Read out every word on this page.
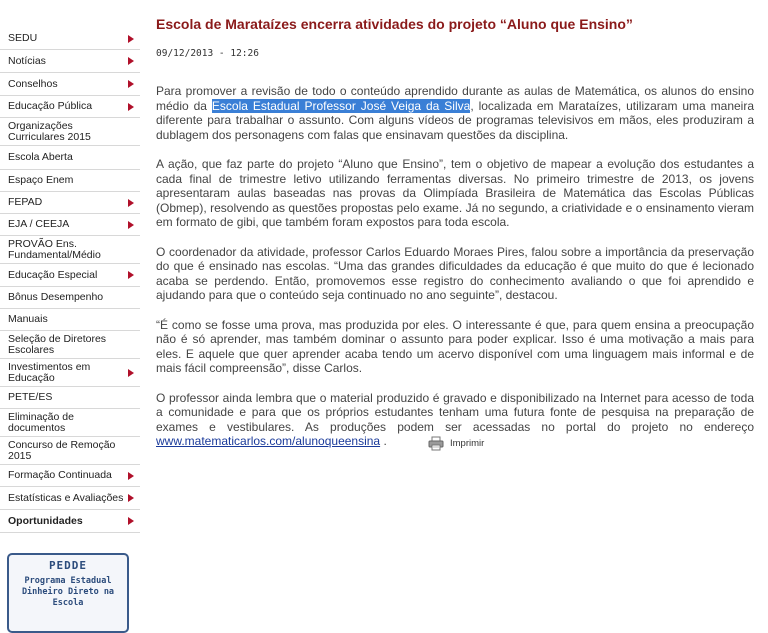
SEDU
Notícias
Conselhos
Educação Pública
Organizações Curriculares 2015
Escola Aberta
Espaço Enem
FEPAD
EJA / CEEJA
PROVÃO Ens. Fundamental/Médio
Educação Especial
Bônus Desempenho
Manuais
Seleção de Diretores Escolares
Investimentos em Educação
PETE/ES
Eliminação de documentos
Concurso de Remoção 2015
Formação Continuada
Estatísticas e Avaliações
Oportunidades
PEDDE
Programa Estadual Dinheiro Direto na Escola
Escola de Marataízes encerra atividades do projeto “Aluno que Ensino”
09/12/2013 - 12:26

Para promover a revisão de todo o conteúdo aprendido durante as aulas de Matemática, os alunos do ensino médio da Escola Estadual Professor José Veiga da Silva, localizada em Marataízes, utilizaram uma maneira diferente para trabalhar o assunto. Com alguns vídeos de programas televisivos em mãos, eles produziram a dublagem dos personagens com falas que ensinavam questões da disciplina.

A ação, que faz parte do projeto “Aluno que Ensino”, tem o objetivo de mapear a evolução dos estudantes a cada final de trimestre letivo utilizando ferramentas diversas. No primeiro trimestre de 2013, os jovens apresentaram aulas baseadas nas provas da Olimpíada Brasileira de Matemática das Escolas Públicas (Obmep), resolvendo as questões propostas pelo exame. Já no segundo, a criatividade e o ensinamento vieram em formato de gibi, que também foram expostos para toda escola.

O coordenador da atividade, professor Carlos Eduardo Moraes Pires, falou sobre a importância da preservação do que é ensinado nas escolas. “Uma das grandes dificuldades da educação é que muito do que é lecionado acaba se perdendo. Então, promovemos esse registro do conhecimento avaliando o que foi aprendido e ajudando para que o conteúdo seja continuado no ano seguinte”, destacou.

“É como se fosse uma prova, mas produzida por eles. O interessante é que, para quem ensina a preocupação não é só aprender, mas também dominar o assunto para poder explicar. Isso é uma motivação a mais para eles. E aquele que quer aprender acaba tendo um acervo disponível com uma linguagem mais informal e de mais fácil compreensão”, disse Carlos.

O professor ainda lembra que o material produzido é gravado e disponibilizado na Internet para acesso de toda a comunidade e para que os próprios estudantes tenham uma futura fonte de pesquisa na preparação de exames e vestibulares. As produções podem ser acessadas no portal do projeto no endereço www.matematicarlos.com/alunoqueensina .	Imprimir
